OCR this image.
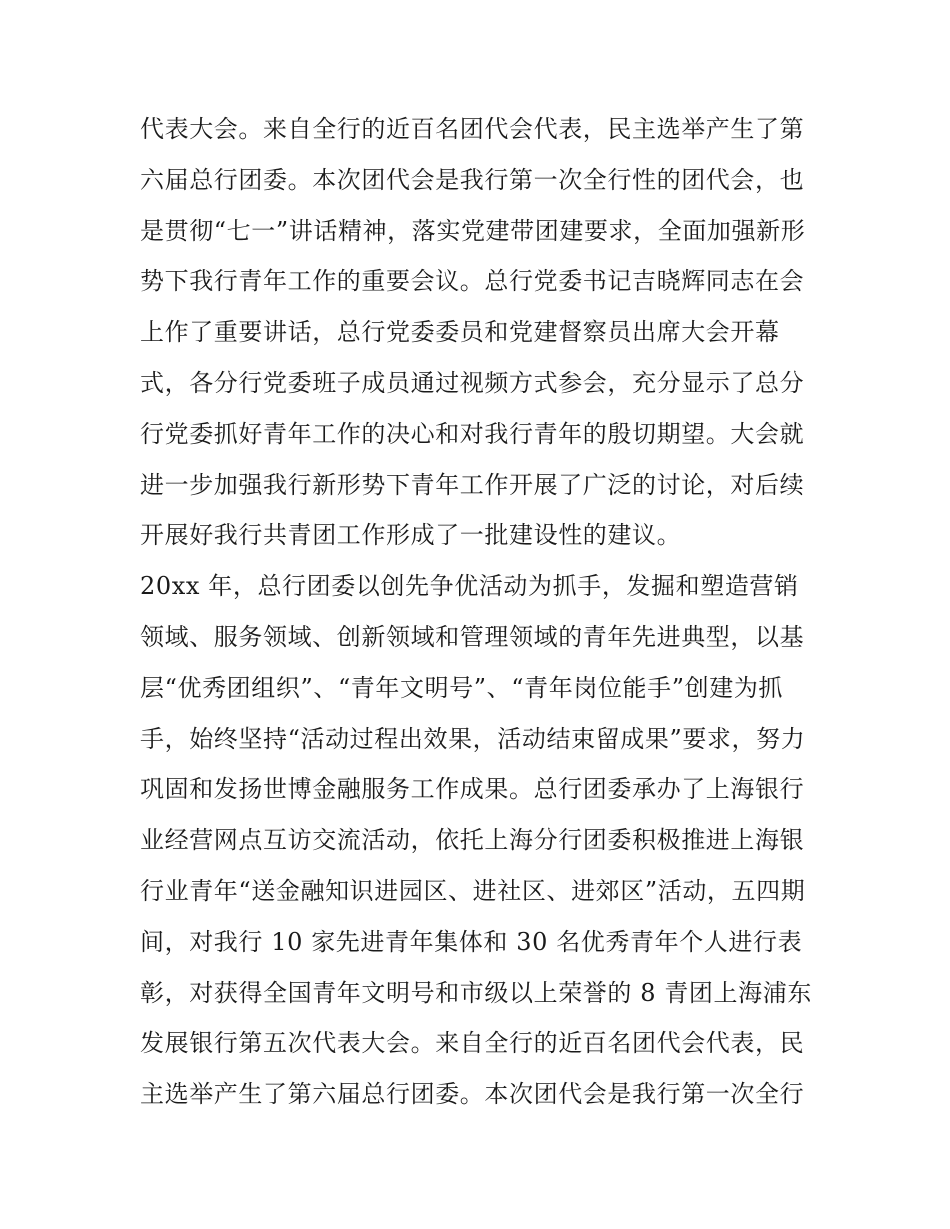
代表大会。来自全行的近百名团代会代表，民主选举产生了第
六届总行团委。本次团代会是我行第一次全行性的团代会，也
是贯彻“七一”讲话精神，落实党建带团建要求，全面加强新形
势下我行青年工作的重要会议。总行党委书记吉晓辉同志在会
上作了重要讲话，总行党委委员和党建督察员出席大会开幕
式，各分行党委班子成员通过视频方式参会，充分显示了总分
行党委抓好青年工作的决心和对我行青年的殷切期望。大会就
进一步加强我行新形势下青年工作开展了广泛的讨论，对后续
开展好我行共青团工作形成了一批建设性的建议。
20xx 年，总行团委以创先争优活动为抓手，发掘和塑造营销
领域、服务领域、创新领域和管理领域的青年先进典型，以基
层“优秀团组织”、“青年文明号”、“青年岗位能手”创建为抓
手，始终坚持“活动过程出效果，活动结束留成果”要求，努力
巩固和发扬世博金融服务工作成果。总行团委承办了上海银行
业经营网点互访交流活动，依托上海分行团委积极推进上海银
行业青年“送金融知识进园区、进社区、进郊区”活动，五四期
间，对我行 10 家先进青年集体和 30 名优秀青年个人进行表
彰，对获得全国青年文明号和市级以上荣誉的 8 青团上海浦东
发展银行第五次代表大会。来自全行的近百名团代会代表，民
主选举产生了第六届总行团委。本次团代会是我行第一次全行
